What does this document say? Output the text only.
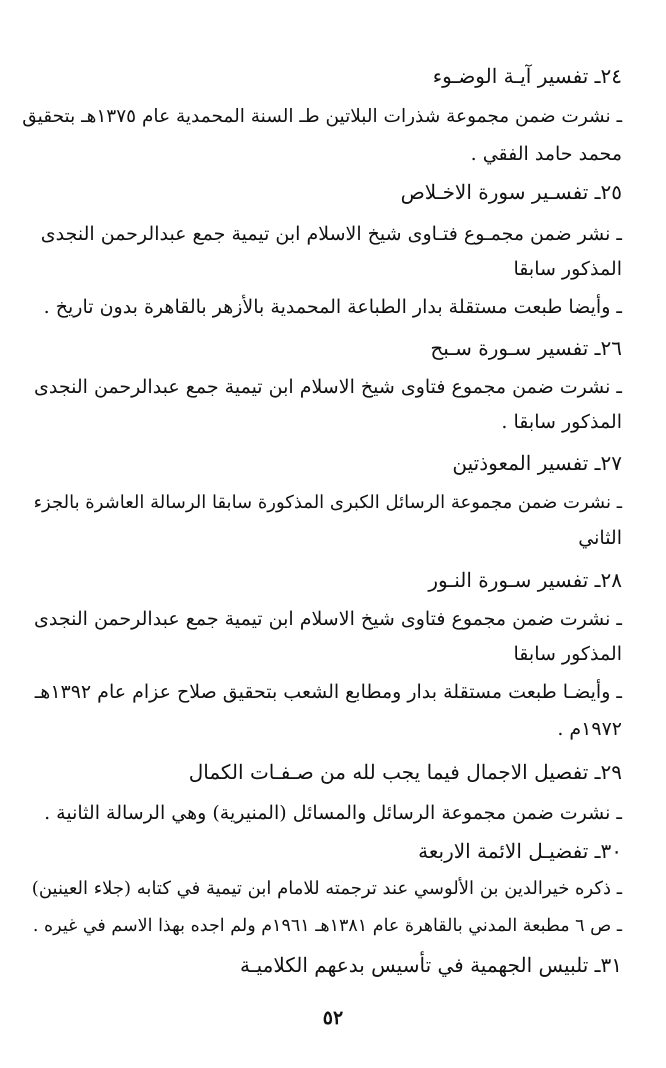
٢٤ـ تفسير آيـة الوضـوء
ـ نشرت ضمن مجموعة شذرات البلاتين طـ السنة المحمدية عام ١٣٧٥هـ بتحقيق
محمد حامد الفقي .
٢٥ـ تفسـير سورة الاخـلاص
ـ نشر ضمن مجمـوع فتـاوى شيخ الاسلام ابن تيمية جمع عبدالرحمن النجدى
المذكور سابقا
ـ وأيضا طبعت مستقلة بدار الطباعة المحمدية بالأزهر بالقاهرة بدون تاريخ .
٢٦ـ تفسير سـورة سـبح
ـ نشرت ضمن مجموع فتاوى شيخ الاسلام ابن تيمية جمع عبدالرحمن النجدى
المذكور سابقا .
٢٧ـ تفسير المعوذتين
ـ نشرت ضمن مجموعة الرسائل الكبرى المذكورة سابقا الرسالة العاشرة بالجزء
الثاني
٢٨ـ تفسير سـورة النـور
ـ نشرت ضمن مجموع فتاوى شيخ الاسلام ابن تيمية جمع عبدالرحمن النجدى
المذكور سابقا
ـ وأيضـا طبعت مستقلة بدار ومطابع الشعب بتحقيق صلاح عزام عام ١٣٩٢هـ
١٩٧٢م .
٢٩ـ تفصيل الاجمال فيما يجب لله من صـفـات الكمال
ـ نشرت ضمن مجموعة الرسائل والمسائل (المنيرية) وهي الرسالة الثانية .
٣٠ـ تفضيـل الائمة الاربعة
ـ ذكره خيرالدين بن الألوسي عند ترجمته للامام ابن تيمية في كتابه (جلاء العينين)
ـ ص ٦ مطبعة المدني بالقاهرة عام ١٣٨١هـ ١٩٦١م ولم اجده بهذا الاسم في غيره .
٣١ـ تلبيس الجهمية في تأسيس بدعهم الكلاميـة
٥٢
